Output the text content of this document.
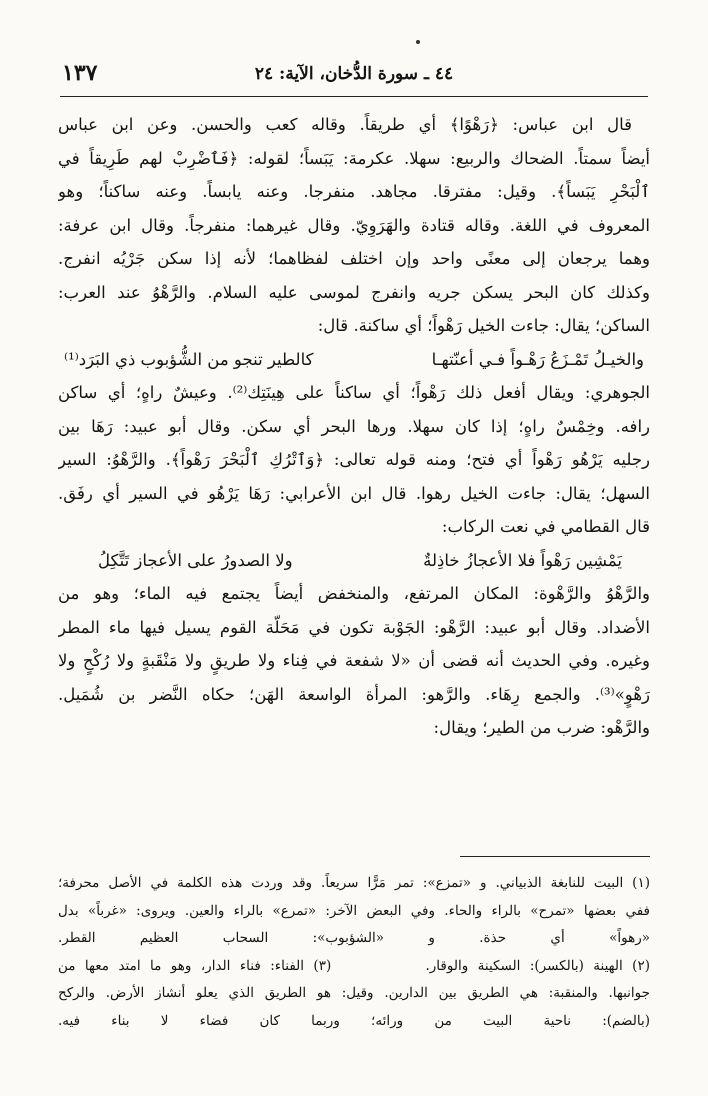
٤٤ ـ سورة الدُّخان، الآية: ٢٤
١٣٧
قال ابن عباس: ﴿رَهْوًا﴾ أي طريقاً. وقاله كعب والحسن. وعن ابن عباس
أيضاً سمتاً. الضحاك والربيع: سهلا. عكرمة: يَبَساً؛ لقوله: ﴿فَٱضْرِبْ لهم طَرِيقاً في
ٱلْبَحْرِ يَبَساً﴾. وقيل: مفترقا. مجاهد. منفرجا. وعنه يابساً. وعنه ساكناً؛ وهو
المعروف في اللغة. وقاله قتادة والهَرَوِيّ. وقال غيرهما: منفرجاً. وقال ابن عرفة:
وهما يرجعان إلى معنًى واحد وإن اختلف لفظاهما؛ لأنه إذا سكن جَرْيُه انفرج.
وكذلك كان البحر يسكن جريه وانفرج لموسى عليه السلام. والرَّهْوُ عند العرب:
الساكن؛ يقال: جاءت الخيل رَهْواً؛ أي ساكنة. قال:
والخيـلُ تَمْـزَعُ رَهْـواً فـي أعنّتهـا
كالطير تنجو من الشُّؤبوب ذي البَرَد⁽¹⁾
الجوهري: ويقال أفعل ذلك رَهْواً؛ أي ساكناً على هِينَتِك⁽²⁾. وعيشٌ راهٍ؛ أي ساكن
رافه. وخِمْسٌ راهٍ؛ إذا كان سهلا. ورها البحر أي سكن. وقال أبو عبيد: رَهَا بين
رجليه يَرْهُو رَهْواً أي فتح؛ ومنه قوله تعالى: ﴿وَٱتْرُكِ ٱلْبَحْرَ رَهْواً﴾. والرَّهْوُ: السير
السهل؛ يقال: جاءت الخيل رهوا. قال ابن الأعرابي: رَهَا يَرْهُو في السير أي رفَق.
قال القطامي في نعت الركاب:
يَمْشِين رَهْواً فلا الأعجازُ خاذِلةٌ
ولا الصدورُ على الأعجاز تَتَّكِلُ
والرَّهْوُ والرَّهْوة: المكان المرتفع، والمنخفض أيضاً يجتمع فيه الماء؛ وهو من
الأضداد. وقال أبو عبيد: الرَّهْو: الجَوْبة تكون في مَحَلّة القوم يسيل فيها ماء المطر
وغيره. وفي الحديث أنه قضى أن «لا شفعة في فِناء ولا طريقٍ ولا مَنْقَبةٍ ولا رُكْحٍ ولا
رَهْوٍ»⁽³⁾. والجمع رِهَاء. والرَّهو: المرأة الواسعة الهَن؛ حكاه النَّضر بن شُمَيل.
والرَّهْو: ضرب من الطير؛ ويقال:
(١) البيت للنابغة الذبياني. و «تمزع»: تمر مَرًّا سريعاً. وقد وردت هذه الكلمة في الأصل محرفة؛
ففي بعضها «تمرح» بالراء والحاء. وفي البعض الآخر: «تمرع» بالراء والعين. ويروى: «غرباً» بدل
«رهواً» أي حذة. و «الشؤبوب»: السحاب العظيم القطر.
(٢) الهينة (بالكسر): السكينة والوقار.          (٣) الفناء: فناء الدار، وهو ما امتد معها من
جوانبها. والمنقبة: هي الطريق بين الدارين. وقيل: هو الطريق الذي يعلو أنشاز الأرض. والركح
(بالضم): ناحية البيت من ورائه؛ وربما كان فضاء لا بناء فيه.
